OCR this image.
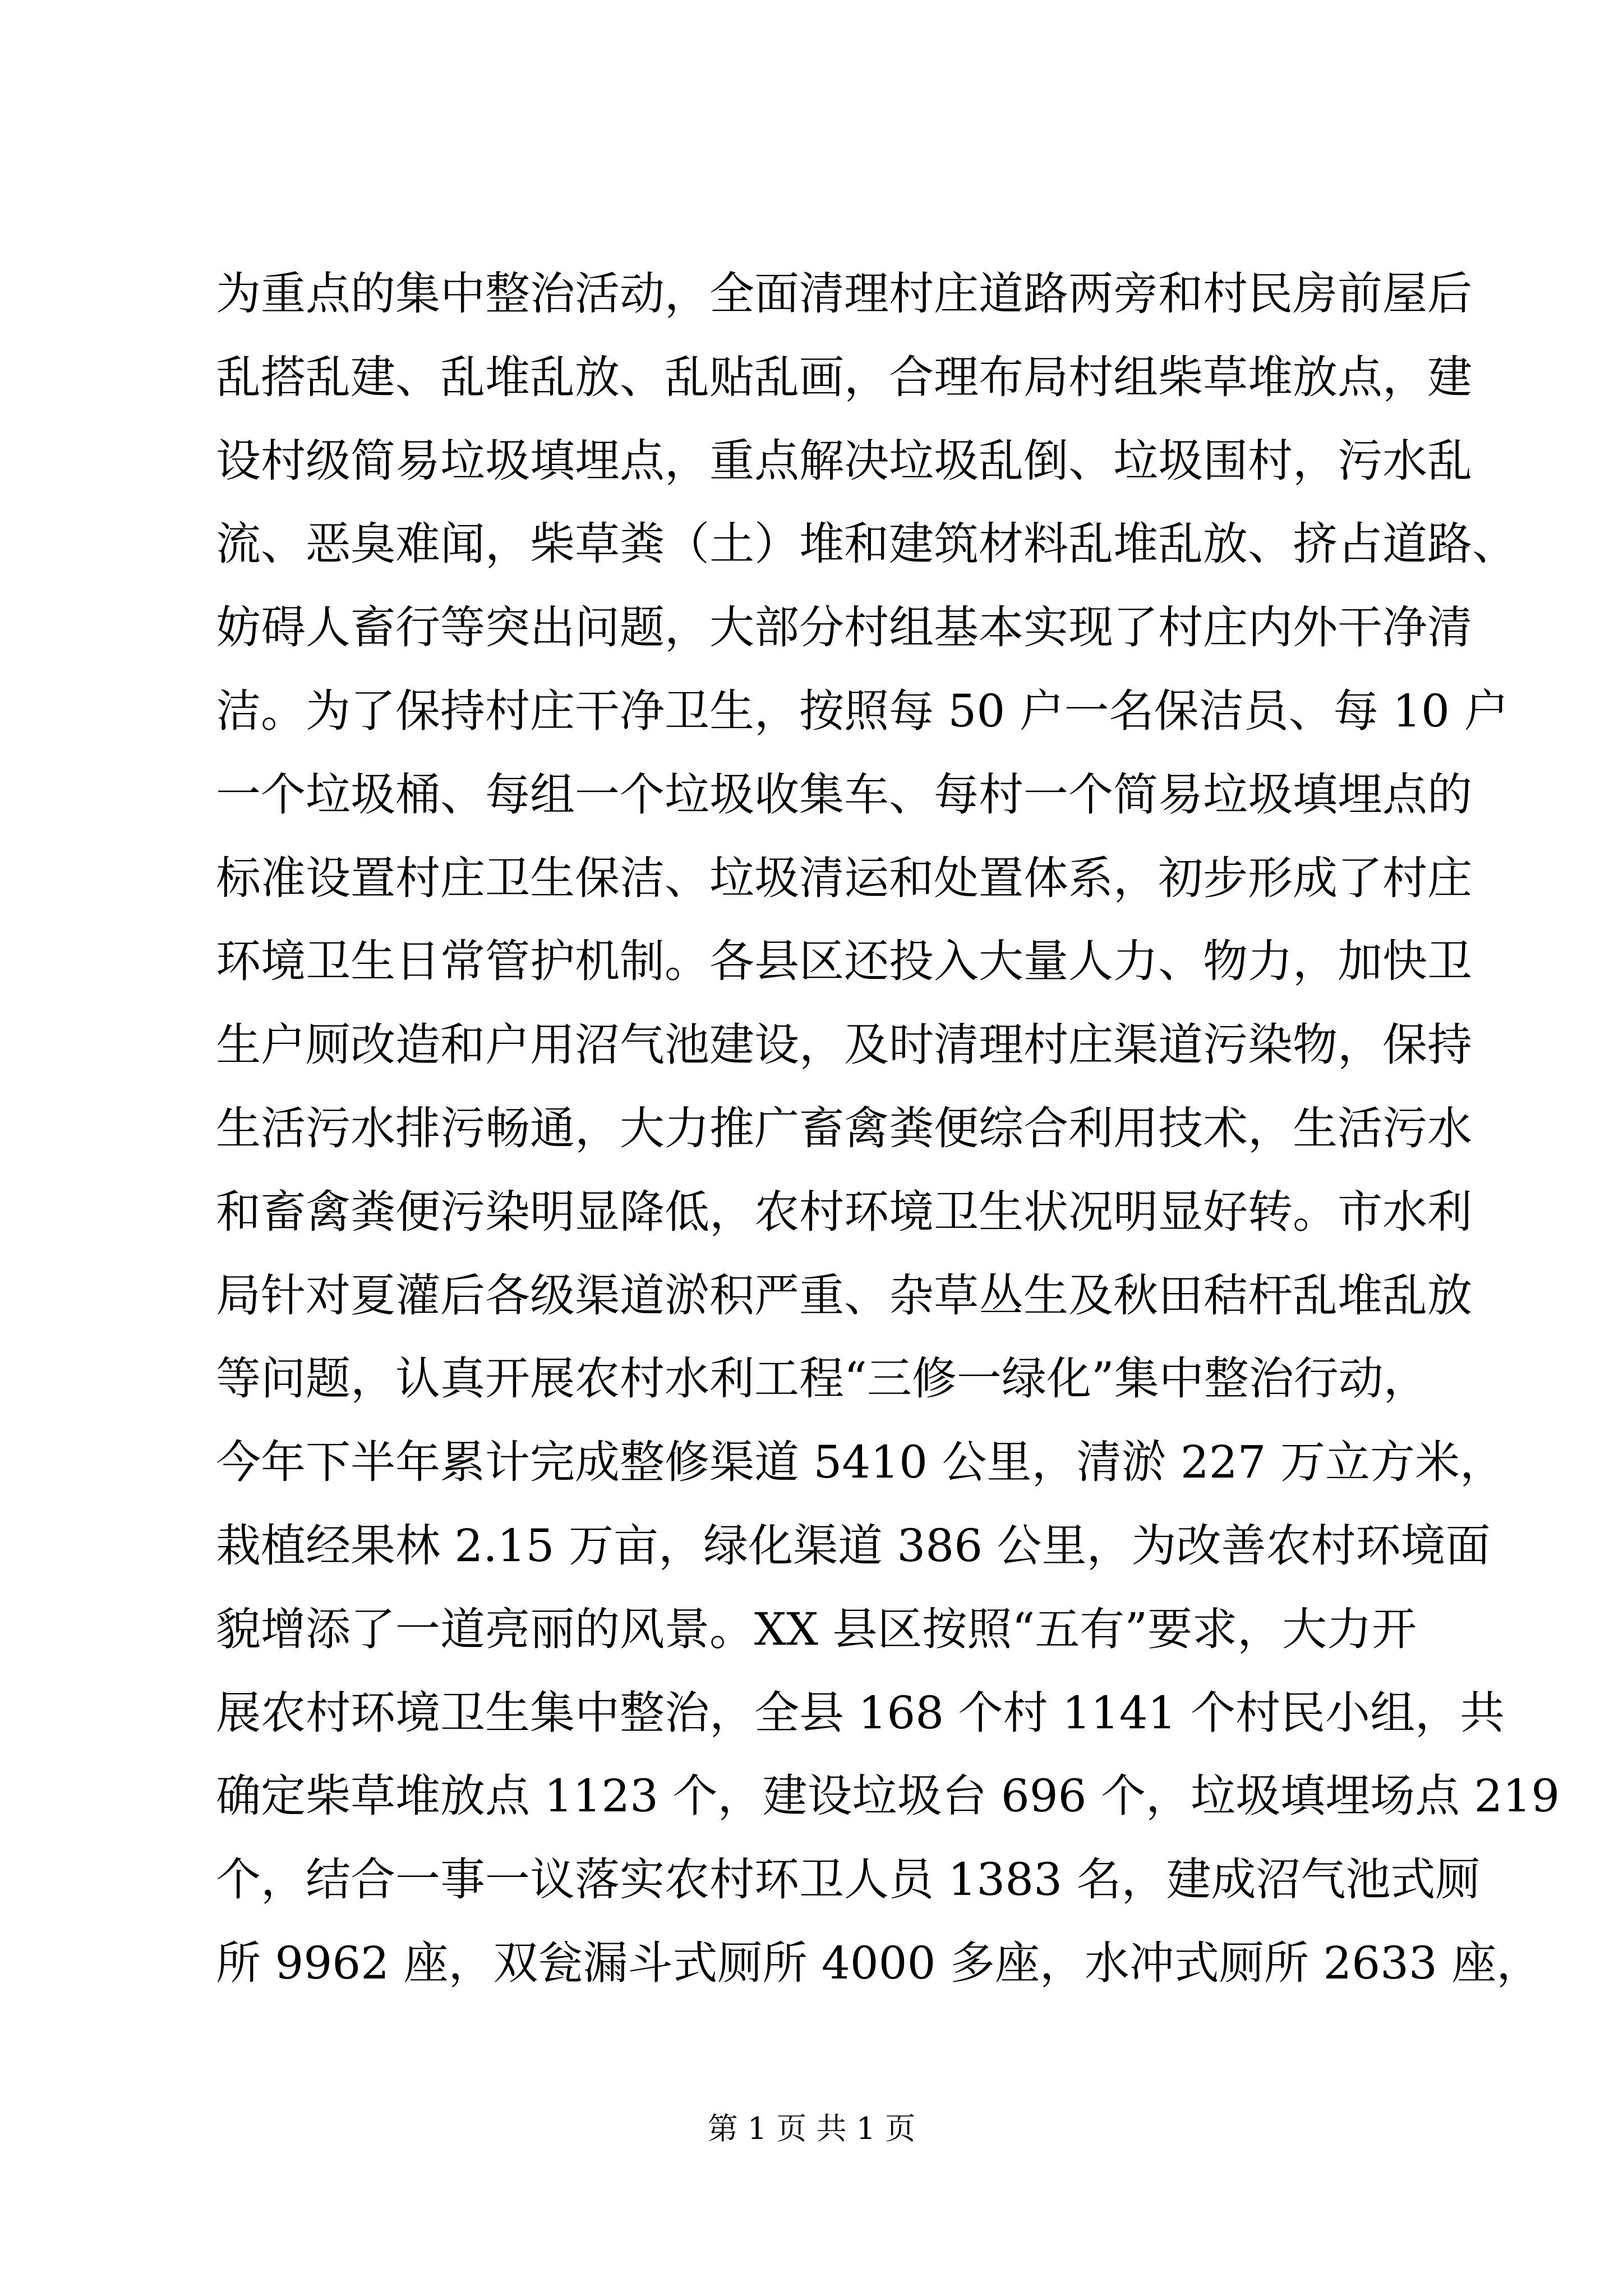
为重点的集中整治活动，全面清理村庄道路两旁和村民房前屋后
乱搭乱建、乱堆乱放、乱贴乱画，合理布局村组柴草堆放点，建
设村级简易垃圾填埋点，重点解决垃圾乱倒、垃圾围村，污水乱
流、恶臭难闻，柴草粪（土）堆和建筑材料乱堆乱放、挤占道路、
妨碍人畜行等突出问题，大部分村组基本实现了村庄内外干净清
洁。为了保持村庄干净卫生，按照每 50 户一名保洁员、每 10 户
一个垃圾桶、每组一个垃圾收集车、每村一个简易垃圾填埋点的
标准设置村庄卫生保洁、垃圾清运和处置体系，初步形成了村庄
环境卫生日常管护机制。各县区还投入大量人力、物力，加快卫
生户厕改造和户用沼气池建设，及时清理村庄渠道污染物，保持
生活污水排污畅通，大力推广畜禽粪便综合利用技术，生活污水
和畜禽粪便污染明显降低，农村环境卫生状况明显好转。市水利
局针对夏灌后各级渠道淤积严重、杂草丛生及秋田秸杆乱堆乱放
等问题，认真开展农村水利工程“三修一绿化”集中整治行动，
今年下半年累计完成整修渠道 5410 公里，清淤 227 万立方米，
栽植经果林 2.15 万亩，绿化渠道 386 公里，为改善农村环境面
貌增添了一道亮丽的风景。XX 县区按照“五有”要求，大力开
展农村环境卫生集中整治，全县 168 个村 1141 个村民小组，共
确定柴草堆放点 1123 个，建设垃圾台 696 个，垃圾填埋场点 219
个，结合一事一议落实农村环卫人员 1383 名，建成沼气池式厕
所 9962 座，双瓮漏斗式厕所 4000 多座，水冲式厕所 2633 座，
第 1 页 共 1 页
